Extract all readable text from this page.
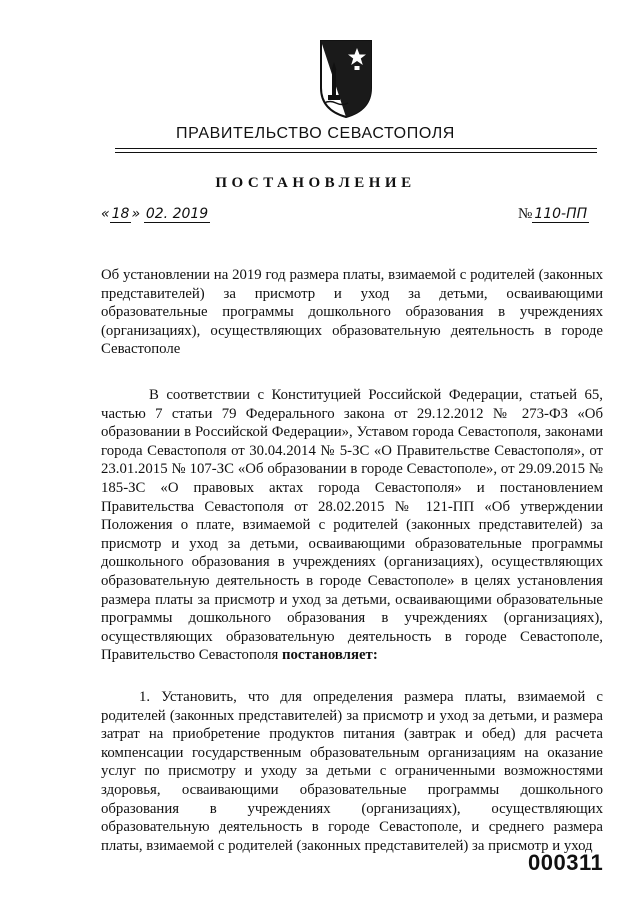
ПРАВИТЕЛЬСТВО СЕВАСТОПОЛЯ
ПОСТАНОВЛЕНИЕ
« 18 » 02. 2019	№ 110-ПП
Об установлении на 2019 год размера платы, взимаемой с родителей (законных представителей) за присмотр и уход за детьми, осваивающими образовательные программы дошкольного образования в учреждениях (организациях), осуществляющих образовательную деятельность в городе Севастополе
В соответствии с Конституцией Российской Федерации, статьей 65, частью 7 статьи 79 Федерального закона от 29.12.2012 № 273-ФЗ «Об образовании в Российской Федерации», Уставом города Севастополя, законами города Севастополя от 30.04.2014 № 5-ЗС «О Правительстве Севастополя», от 23.01.2015 № 107-ЗС «Об образовании в городе Севастополе», от 29.09.2015 № 185-ЗС «О правовых актах города Севастополя» и постановлением Правительства Севастополя от 28.02.2015 № 121-ПП «Об утверждении Положения о плате, взимаемой с родителей (законных представителей) за присмотр и уход за детьми, осваивающими образовательные программы дошкольного образования в учреждениях (организациях), осуществляющих образовательную деятельность в городе Севастополе» в целях установления размера платы за присмотр и уход за детьми, осваивающими образовательные программы дошкольного образования в учреждениях (организациях), осуществляющих образовательную деятельность в городе Севастополе, Правительство Севастополя постановляет:
1. Установить, что для определения размера платы, взимаемой с родителей (законных представителей) за присмотр и уход за детьми, и размера затрат на приобретение продуктов питания (завтрак и обед) для расчета компенсации государственным образовательным организациям на оказание услуг по присмотру и уходу за детьми с ограниченными возможностями здоровья, осваивающими образовательные программы дошкольного образования в учреждениях (организациях), осуществляющих образовательную деятельность в городе Севастополе, и среднего размера платы, взимаемой с родителей (законных представителей) за присмотр и уход
000311
